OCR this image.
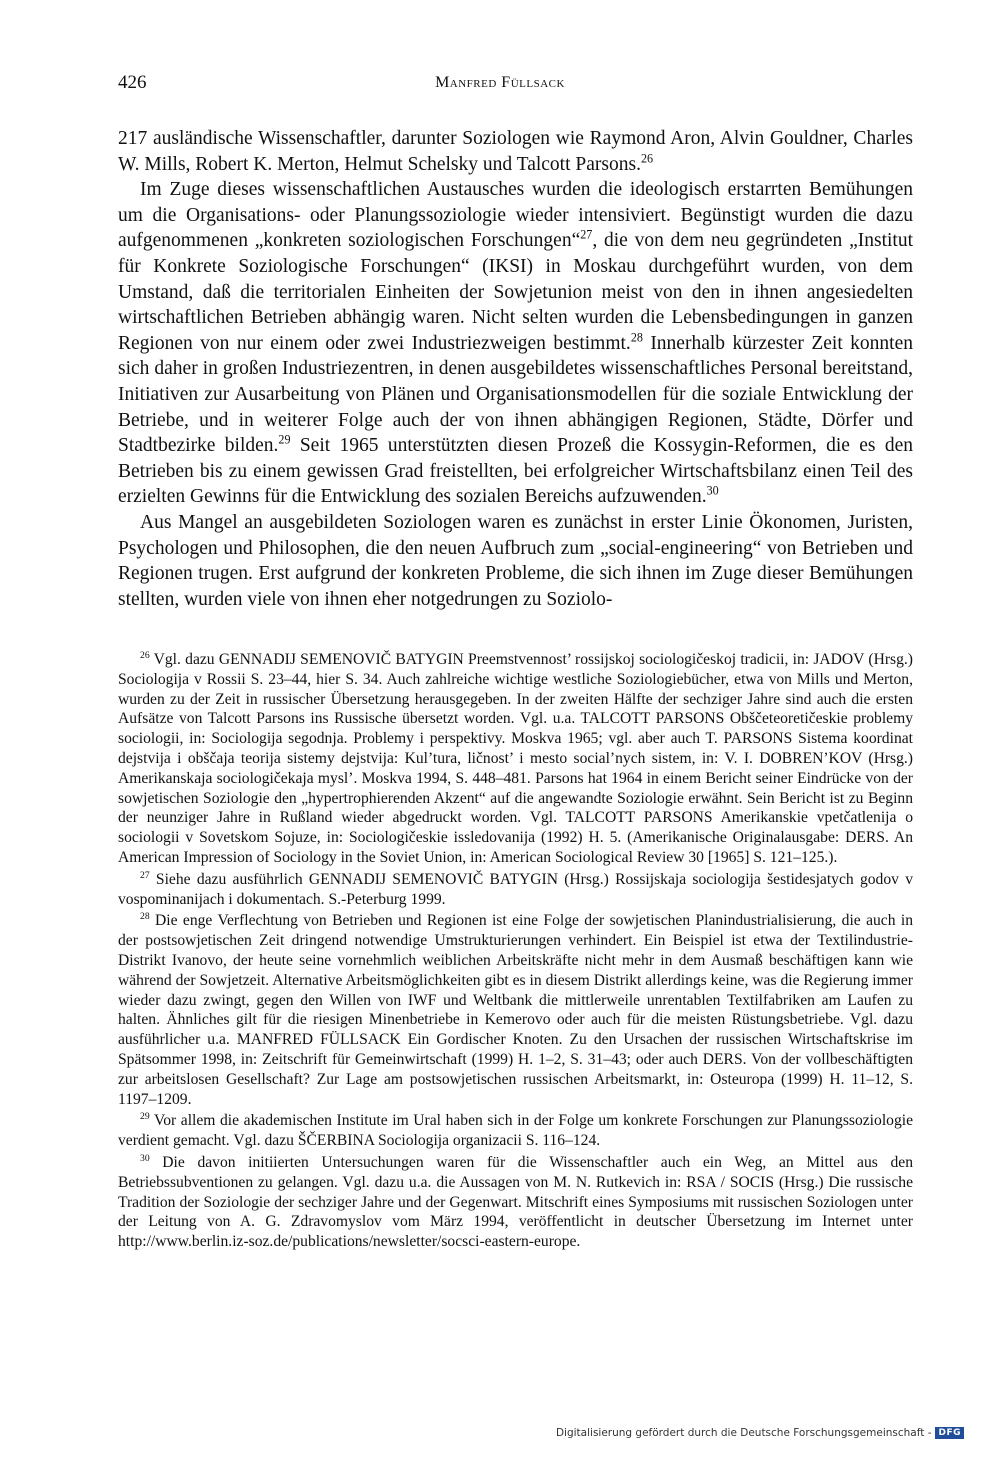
426	Manfred Füllsack

217 ausländische Wissenschaftler, darunter Soziologen wie Raymond Aron, Alvin Gouldner, Charles W. Mills, Robert K. Merton, Helmut Schelsky und Talcott Parsons.$^{26}$

Im Zuge dieses wissenschaftlichen Austausches wurden die ideologisch erstarrten Bemühungen um die Organisations- oder Planungssoziologie wieder intensiviert. Begünstigt wurden die dazu aufgenommenen „konkreten soziologischen Forschungen“$^{27}$, die von dem neu gegründeten „Institut für Konkrete Soziologische Forschungen“ (IKSI) in Moskau durchgeführt wurden, von dem Umstand, daß die territorialen Einheiten der Sowjetunion meist von den in ihnen angesiedelten wirtschaftlichen Betrieben abhängig waren. Nicht selten wurden die Lebensbedingungen in ganzen Regionen von nur einem oder zwei Industriezweigen bestimmt.$^{28}$ Innerhalb kürzester Zeit konnten sich daher in großen Industriezentren, in denen ausgebildetes wissenschaftliches Personal bereitstand, Initiativen zur Ausarbeitung von Plänen und Organisationsmodellen für die soziale Entwicklung der Betriebe, und in weiterer Folge auch der von ihnen abhängigen Regionen, Städte, Dörfer und Stadtbezirke bilden.$^{29}$ Seit 1965 unterstützten diesen Prozeß die Kossygin-Reformen, die es den Betrieben bis zu einem gewissen Grad freistellten, bei erfolgreicher Wirtschaftsbilanz einen Teil des erzielten Gewinns für die Entwicklung des sozialen Bereichs aufzuwenden.$^{30}$

Aus Mangel an ausgebildeten Soziologen waren es zunächst in erster Linie Ökonomen, Juristen, Psychologen und Philosophen, die den neuen Aufbruch zum „social-engineering“ von Betrieben und Regionen trugen. Erst aufgrund der konkreten Probleme, die sich ihnen im Zuge dieser Bemühungen stellten, wurden viele von ihnen eher notgedrungen zu Soziolo-

$^{26}$ Vgl. dazu GENNADIJ SEMENOVIČ BATYGIN Preemstvennost’ rossijskoj sociologičeskoj tradicii, in: JADOV (Hrsg.) Sociologija v Rossii S. 23–44, hier S. 34. Auch zahlreiche wichtige westliche Soziologiebücher, etwa von Mills und Merton, wurden zu der Zeit in russischer Übersetzung herausgegeben. In der zweiten Hälfte der sechziger Jahre sind auch die ersten Aufsätze von Talcott Parsons ins Russische übersetzt worden. Vgl. u.a. TALCOTT PARSONS Obščeteoretičeskie problemy sociologii, in: Sociologija segodnja. Problemy i perspektivy. Moskva 1965; vgl. aber auch T. PARSONS Sistema koordinat dejstvija i obščaja teorija sistemy dejstvija: Kul’tura, ličnost’ i mesto social’nych sistem, in: V. I. DOBRENʼKOV (Hrsg.) Amerikanskaja sociologičekaja mysl’. Moskva 1994, S. 448–481. Parsons hat 1964 in einem Bericht seiner Eindrücke von der sowjetischen Soziologie den „hypertrophierenden Akzent“ auf die angewandte Soziologie erwähnt. Sein Bericht ist zu Beginn der neunziger Jahre in Rußland wieder abgedruckt worden. Vgl. TALCOTT PARSONS Amerikanskie vpetčatlenija o sociologii v Sovetskom Sojuze, in: Sociologičeskie issledovanija (1992) H. 5. (Amerikanische Originalausgabe: DERS. An American Impression of Sociology in the Soviet Union, in: American Sociological Review 30 [1965] S. 121–125.).

$^{27}$ Siehe dazu ausführlich GENNADIJ SEMENOVIČ BATYGIN (Hrsg.) Rossijskaja sociologija šestidesjatych godov v vospominanijach i dokumentach. S.-Peterburg 1999.

$^{28}$ Die enge Verflechtung von Betrieben und Regionen ist eine Folge der sowjetischen Planindustrialisierung, die auch in der postsowjetischen Zeit dringend notwendige Umstrukturierungen verhindert. Ein Beispiel ist etwa der Textilindustrie-Distrikt Ivanovo, der heute seine vornehmlich weiblichen Arbeitskräfte nicht mehr in dem Ausmaß beschäftigen kann wie während der Sowjetzeit. Alternative Arbeitsmöglichkeiten gibt es in diesem Distrikt allerdings keine, was die Regierung immer wieder dazu zwingt, gegen den Willen von IWF und Weltbank die mittlerweile unrentablen Textilfabriken am Laufen zu halten. Ähnliches gilt für die riesigen Minenbetriebe in Kemerovo oder auch für die meisten Rüstungsbetriebe. Vgl. dazu ausführlicher u.a. MANFRED FÜLLSACK Ein Gordischer Knoten. Zu den Ursachen der russischen Wirtschaftskrise im Spätsommer 1998, in: Zeitschrift für Gemeinwirtschaft (1999) H. 1–2, S. 31–43; oder auch DERS. Von der vollbeschäftigten zur arbeitslosen Gesellschaft? Zur Lage am postsowjetischen russischen Arbeitsmarkt, in: Osteuropa (1999) H. 11–12, S. 1197–1209.

$^{29}$ Vor allem die akademischen Institute im Ural haben sich in der Folge um konkrete Forschungen zur Planungssoziologie verdient gemacht. Vgl. dazu ŠČERBINA Sociologija organizacii S. 116–124.

$^{30}$ Die davon initiierten Untersuchungen waren für die Wissenschaftler auch ein Weg, an Mittel aus den Betriebssubventionen zu gelangen. Vgl. dazu u.a. die Aussagen von M. N. Rutkevich in: RSA / SOCIS (Hrsg.) Die russische Tradition der Soziologie der sechziger Jahre und der Gegenwart. Mitschrift eines Symposiums mit russischen Soziologen unter der Leitung von A. G. Zdravomyslov vom März 1994, veröffentlicht in deutscher Übersetzung im Internet unter http://www.berlin.iz-soz.de/publications/newsletter/socsci-eastern-europe.

Digitalisierung gefördert durch die Deutsche Forschungsgemeinschaft - DFG
